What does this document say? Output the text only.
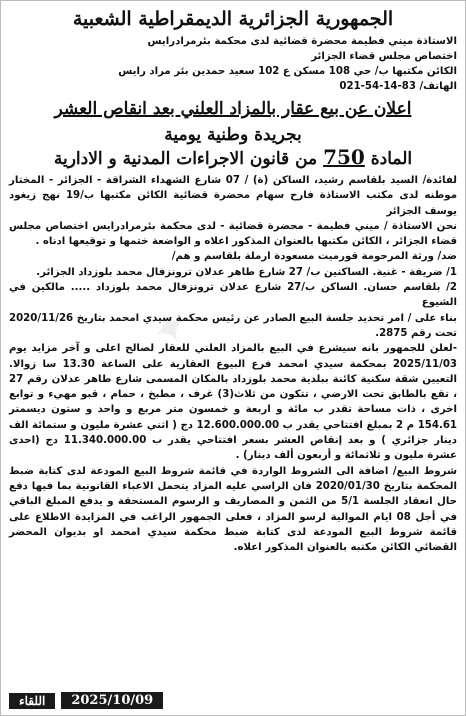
✦
الجمهورية الجزائرية الديمقراطية الشعبية
الاستاذة ميني فطيمة محضرة قضائية لدى محكمة بئرمرادرايس
اختصاص مجلس قضاء الجزائر
الكائن مكتبها ب/ حي 108 مسكن ع 102 سعيد حمدين بئر مراد رايس
الهاتف/ 021-54-14-83
اعلان عن بيع عقار بالمزاد العلني بعد انقاص العشر
بجريدة وطنية يومية
المادة 750 من قانون الاجراءات المدنية و الادارية

لفائدة/ السيد بلقاسم رشيد، الساكن (ة) / 07 شارع الشهداء الشراقة - الجزائر - المختار موطنه لدى مكتب الاستاذة فارح سهام محضرة قضائية الكائن مكتبها ب/19 نهج زيغود يوسف الجزائر

نحن الاستاذة / ميني فطيمة - محضرة قضائية - لدى محكمة بئرمرادرايس اختصاص مجلس قضاء الجزائر ، الكائن مكتبها بالعنوان المذكور اعلاه و الواضعة ختمها و توقيعها ادناه .

ضد/ ورثة المرحومة قورميت مسعودة ارملة بلقاسم و هم/

1/ ضريفة - غنية. الساكنين ب/ 27 شارع طاهر عدلان ترونزفال محمد بلوزداد الجزائر.

2/ بلقاسم حسان. الساكن ب/27 شارع عدلان ترونزفال محمد بلوزداد ..... مالكين في الشيوع

بناء على / امر تحديد جلسة البيع الصادر عن رئيس محكمة سيدي امحمد بتاريخ 2020/11/26 تحت رقم 2875.

-لعلن للجمهور بانه سيشرع في البيع بالمزاد العلني للعقار لصالح اعلى و آخر مزايد يوم 2025/11/03 بمحكمة سيدي امحمد فرع البيوع العقارية على الساعة 13.30 سا زوالا. التعيين شقة سكنية كائنة ببلدية محمد بلوزداد بالمكان المسمى شارع طاهر عدلان رقم 27 ، تقع بالطابق تحت الارضي ، تتكون من ثلاث(3) غرف ، مطبخ ، حمام ، قبو مهيء و توابع اخرى ، ذات مساحة تقدر ب مائة و اربعة و خمسون متر مربع و واحد و ستون ديسمتر 154.61 م 2 بمبلغ افتتاحي يقدر ب 12.600.000.00 دج ( اثني عشرة مليون و ستمائة الف دينار جزائري ) و بعد إنقاص العشر بسعر افتتاحي يقدر ب 11.340.000.00 دج (احدى عشرة مليون و ثلاثمائة و أربعون ألف دينار) .

شروط البيع/ اضافة الى الشروط الواردة في قائمة شروط البيع المودعة لدى كتابة ضبط المحكمة بتاريخ 2020/01/30 فان الراسي عليه المزاد يتحمل الاعباء القانونية بما فيها دفع حال انعقاد الجلسة 5/1 من الثمن و المصاريف و الرسوم المستحقة و يدفع المبلغ الباقي في أجل 08 ايام الموالية لرسو المزاد ، فعلى الجمهور الراغب في المزايدة الاطلاع على قائمة شروط البيع المودعة لدى كتابة ضبط محكمة سيدي امحمد او بديوان المحضر القضائي الكائن مكتبه بالعنوان المذكور اعلاه.

اللقاء	2025/10/09
